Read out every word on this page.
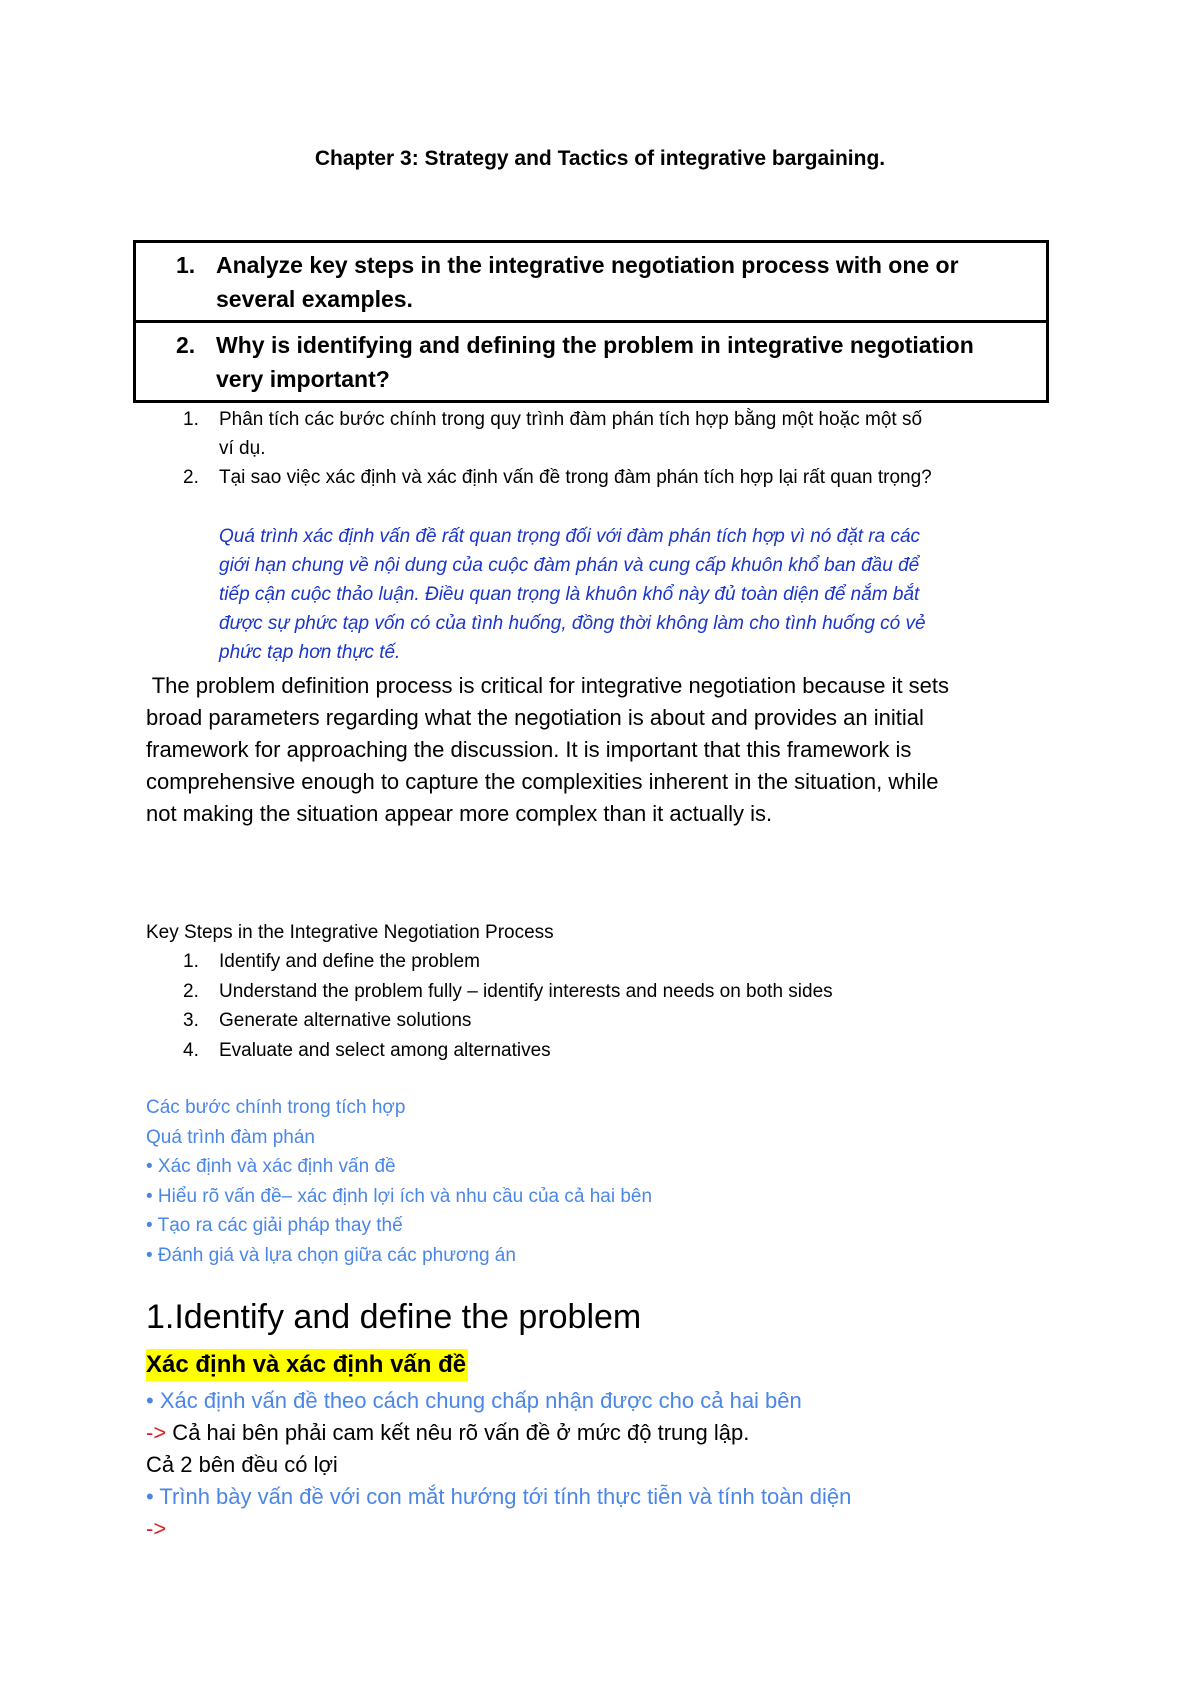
Chapter 3: Strategy and Tactics of integrative bargaining.
1. Analyze key steps in the integrative negotiation process with one or
several examples.
2. Why is identifying and defining the problem in integrative negotiation
very important?
1. Phân tích các bước chính trong quy trình đàm phán tích hợp bằng một hoặc một số
ví dụ.
2. Tại sao việc xác định và xác định vấn đề trong đàm phán tích hợp lại rất quan trọng?

Quá trình xác định vấn đề rất quan trọng đối với đàm phán tích hợp vì nó đặt ra các
giới hạn chung về nội dung của cuộc đàm phán và cung cấp khuôn khổ ban đầu để
tiếp cận cuộc thảo luận. Điều quan trọng là khuôn khổ này đủ toàn diện để nắm bắt
được sự phức tạp vốn có của tình huống, đồng thời không làm cho tình huống có vẻ
phức tạp hơn thực tế.

The problem definition process is critical for integrative negotiation because it sets
broad parameters regarding what the negotiation is about and provides an initial
framework for approaching the discussion. It is important that this framework is
comprehensive enough to capture the complexities inherent in the situation, while
not making the situation appear more complex than it actually is.

Key Steps in the Integrative Negotiation Process

1. Identify and define the problem
2. Understand the problem fully – identify interests and needs on both sides
3. Generate alternative solutions
4. Evaluate and select among alternatives
Các bước chính trong tích hợp
Quá trình đàm phán
• Xác định và xác định vấn đề
• Hiểu rõ vấn đề– xác định lợi ích và nhu cầu của cả hai bên
• Tạo ra các giải pháp thay thế
• Đánh giá và lựa chọn giữa các phương án
1.Identify and define the problem

Xác định và xác định vấn đề

• Xác định vấn đề theo cách chung chấp nhận được cho cả hai bên
-> Cả hai bên phải cam kết nêu rõ vấn đề ở mức độ trung lập.
Cả 2 bên đều có lợi
• Trình bày vấn đề với con mắt hướng tới tính thực tiễn và tính toàn diện
->
